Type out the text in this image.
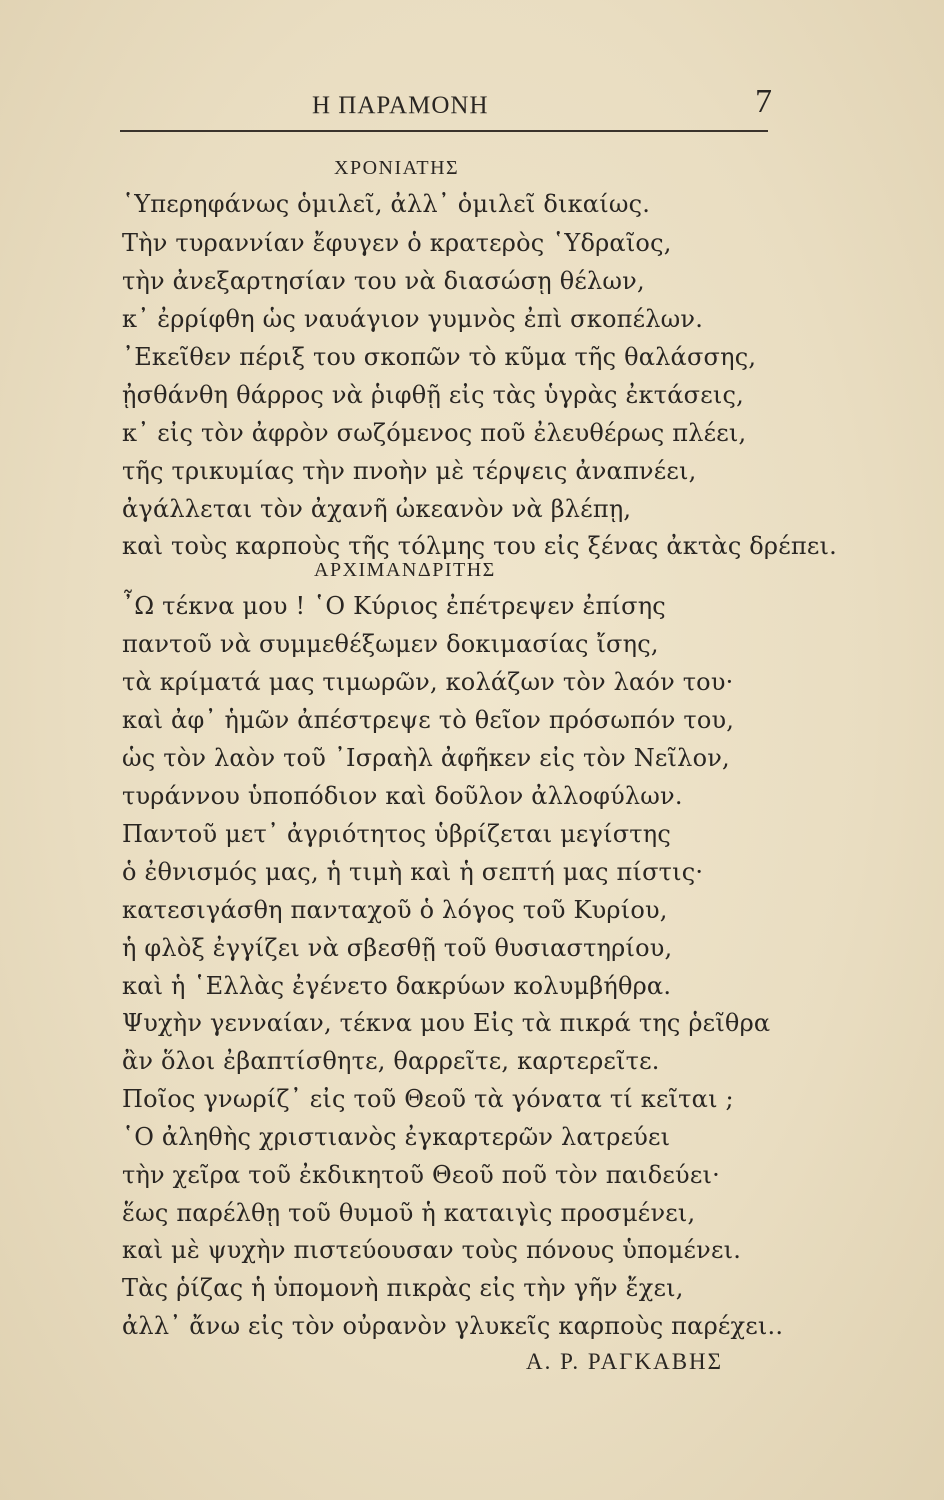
Η ΠΑΡΑΜΟΝΗ	7
ΧΡΟΝΙΑΤΗΣ
῾Υπερηφάνως ὁμιλεῖ, ἀλλ᾽ ὁμιλεῖ δικαίως.
Τὴν τυραννίαν ἔφυγεν ὁ κρατερὸς ῾Υδραῖος,
τὴν ἀνεξαρτησίαν του νὰ διασώσῃ θέλων,
κ᾽ ἐρρίφθη ὡς ναυάγιον γυμνὸς ἐπὶ σκοπέλων.
᾽Εκεῖθεν πέριξ του σκοπῶν τὸ κῦμα τῆς θαλάσσης,
ᾐσθάνθη θάρρος νὰ ῥιφθῇ εἰς τὰς ὑγρὰς ἐκτάσεις,
κ᾽ εἰς τὸν ἀφρὸν σωζόμενος ποῦ ἐλευθέρως πλέει,
τῆς τρικυμίας τὴν πνοὴν μὲ τέρψεις ἀναπνέει,
ἀγάλλεται τὸν ἀχανῆ ὠκεανὸν νὰ βλέπῃ,
καὶ τοὺς καρποὺς τῆς τόλμης του εἰς ξένας ἀκτὰς δρέπει.
ΑΡΧΙΜΑΝΔΡΙΤΗΣ
῏Ω τέκνα μου ! ῾Ο Κύριος ἐπέτρεψεν ἐπίσης
παντοῦ νὰ συμμεθέξωμεν δοκιμασίας ἴσης,
τὰ κρίματά μας τιμωρῶν, κολάζων τὸν λαόν του·
καὶ ἀφ᾽ ἡμῶν ἀπέστρεψε τὸ θεῖον πρόσωπόν του,
ὡς τὸν λαὸν τοῦ ᾽Ισραὴλ ἀφῆκεν εἰς τὸν Νεῖλον,
τυράννου ὑποπόδιον καὶ δοῦλον ἀλλοφύλων.
Παντοῦ μετ᾽ ἀγριότητος ὑβρίζεται μεγίστης
ὁ ἐθνισμός μας, ἡ τιμὴ καὶ ἡ σεπτή μας πίστις·
κατεσιγάσθη πανταχοῦ ὁ λόγος τοῦ Κυρίου,
ἡ φλὸξ ἐγγίζει νὰ σβεσθῇ τοῦ θυσιαστηρίου,
καὶ ἡ ῾Ελλὰς ἐγένετο δακρύων κολυμβήθρα.
Ψυχὴν γενναίαν, τέκνα μου Εἰς τὰ πικρά της ῥεῖθρα
ἂν ὅλοι ἐβαπτίσθητε, θαρρεῖτε, καρτερεῖτε.
Ποῖος γνωρίζ᾽ εἰς τοῦ Θεοῦ τὰ γόνατα τί κεῖται ;
῾Ο ἀληθὴς χριστιανὸς ἐγκαρτερῶν λατρεύει
τὴν χεῖρα τοῦ ἐκδικητοῦ Θεοῦ ποῦ τὸν παιδεύει·
ἕως παρέλθῃ τοῦ θυμοῦ ἡ καταιγὶς προσμένει,
καὶ μὲ ψυχὴν πιστεύουσαν τοὺς πόνους ὑπομένει.
Τὰς ῥίζας ἡ ὑπομονὴ πικρὰς εἰς τὴν γῆν ἔχει,
ἀλλ᾽ ἄνω εἰς τὸν οὐρανὸν γλυκεῖς καρποὺς παρέχει..
Α. Ρ. ΡΑΓΚΑΒΗΣ
